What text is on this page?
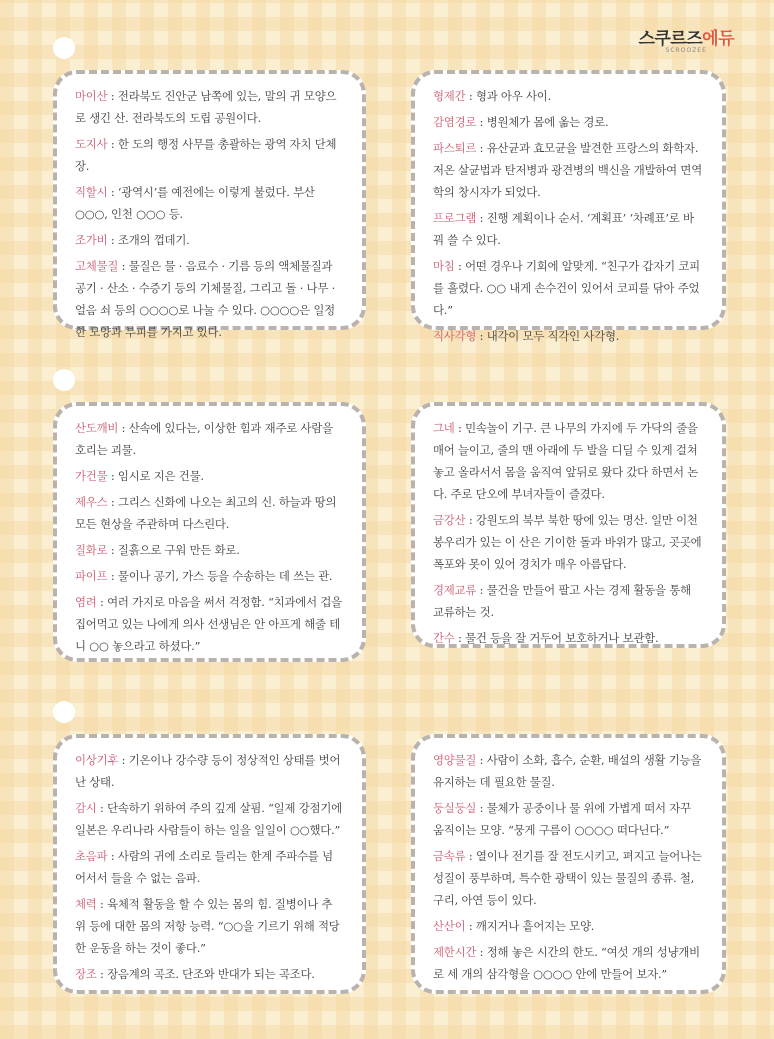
스쿠르즈에듀
SCROOZEE
마이산 : 전라북도 진안군 남쪽에 있는, 말의 귀 모양으로 생긴 산. 전라북도의 도립 공원이다.
도지사 : 한 도의 행정 사무를 총괄하는 광역 자치 단체장.
직할시 : ‘광역시’를 예전에는 이렇게 불렀다. 부산 ○○○, 인천 ○○○ 등.
조가비 : 조개의 껍데기.
고체물질 : 물질은 물 · 음료수 · 기름 등의 액체물질과 공기 · 산소 · 수증기 등의 기체물질, 그리고 돌 · 나무 · 얼음 쇠 등의 ○○○○로 나눌 수 있다. ○○○○은 일정한 모양과 부피를 가지고 있다.
형제간 : 형과 아우 사이.
감염경로 : 병원체가 몸에 옮는 경로.
파스퇴르 : 유산균과 효모균을 발견한 프랑스의 화학자. 저온 살균법과 탄저병과 광견병의 백신을 개발하여 면역학의 창시자가 되었다.
프로그램 : 진행 계획이나 순서. ‘계획표’ ‘차례표’로 바꿔 쓸 수 있다.
마침 : 어떤 경우나 기회에 알맞게. “친구가 갑자기 코피를 흘렸다. ○○ 내게 손수건이 있어서 코피를 닦아 주었다.”
직사각형 : 내각이 모두 직각인 사각형.
산도깨비 : 산속에 있다는, 이상한 힘과 재주로 사람을 호리는 괴물.
가건물 : 임시로 지은 건물.
제우스 : 그리스 신화에 나오는 최고의 신. 하늘과 땅의 모든 현상을 주관하며 다스린다.
질화로 : 질흙으로 구워 만든 화로.
파이프 : 물이나 공기, 가스 등을 수송하는 데 쓰는 관.
염려 : 여러 가지로 마음을 써서 걱정함. “치과에서 겁을 집어먹고 있는 나에게 의사 선생님은 안 아프게 해줄 테니 ○○ 놓으라고 하셨다.”
그네 : 민속놀이 기구. 큰 나무의 가지에 두 가닥의 줄을 매어 늘이고, 줄의 맨 아래에 두 발을 디딜 수 있게 걸쳐 놓고 올라서서 몸을 움직여 앞뒤로 왔다 갔다 하면서 논다. 주로 단오에 부녀자들이 즐겼다.
금강산 : 강원도의 북부 북한 땅에 있는 명산. 일만 이천 봉우리가 있는 이 산은 기이한 돌과 바위가 많고, 곳곳에 폭포와 못이 있어 경치가 매우 아름답다.
경제교류 : 물건을 만들어 팔고 사는 경제 활동을 통해 교류하는 것.
간수 : 물건 등을 잘 거두어 보호하거나 보관함.
이상기후 : 기온이나 강수량 등이 정상적인 상태를 벗어난 상태.
감시 : 단속하기 위하여 주의 깊게 살핌. “일제 강점기에 일본은 우리나라 사람들이 하는 일을 일일이 ○○했다.”
초음파 : 사람의 귀에 소리로 들리는 한계 주파수를 넘어서서 들을 수 없는 음파.
체력 : 육체적 활동을 할 수 있는 몸의 힘. 질병이나 추위 등에 대한 몸의 저항 능력. “○○을 기르기 위해 적당한 운동을 하는 것이 좋다.”
장조 : 장음계의 곡조. 단조와 반대가 되는 곡조다.
영양물질 : 사람이 소화, 흡수, 순환, 배설의 생활 기능을 유지하는 데 필요한 물질.
둥실둥실 : 물체가 공중이나 물 위에 가볍게 떠서 자꾸 움직이는 모양. “뭉게 구름이 ○○○○ 떠다닌다.”
금속류 : 열이나 전기를 잘 전도시키고, 펴지고 늘어나는 성질이 풍부하며, 특수한 광택이 있는 물질의 종류. 철, 구리, 아연 등이 있다.
산산이 : 깨지거나 흩어지는 모양.
제한시간 : 정해 놓은 시간의 한도. “여섯 개의 성냥개비로 세 개의 삼각형을 ○○○○ 안에 만들어 보자.”
